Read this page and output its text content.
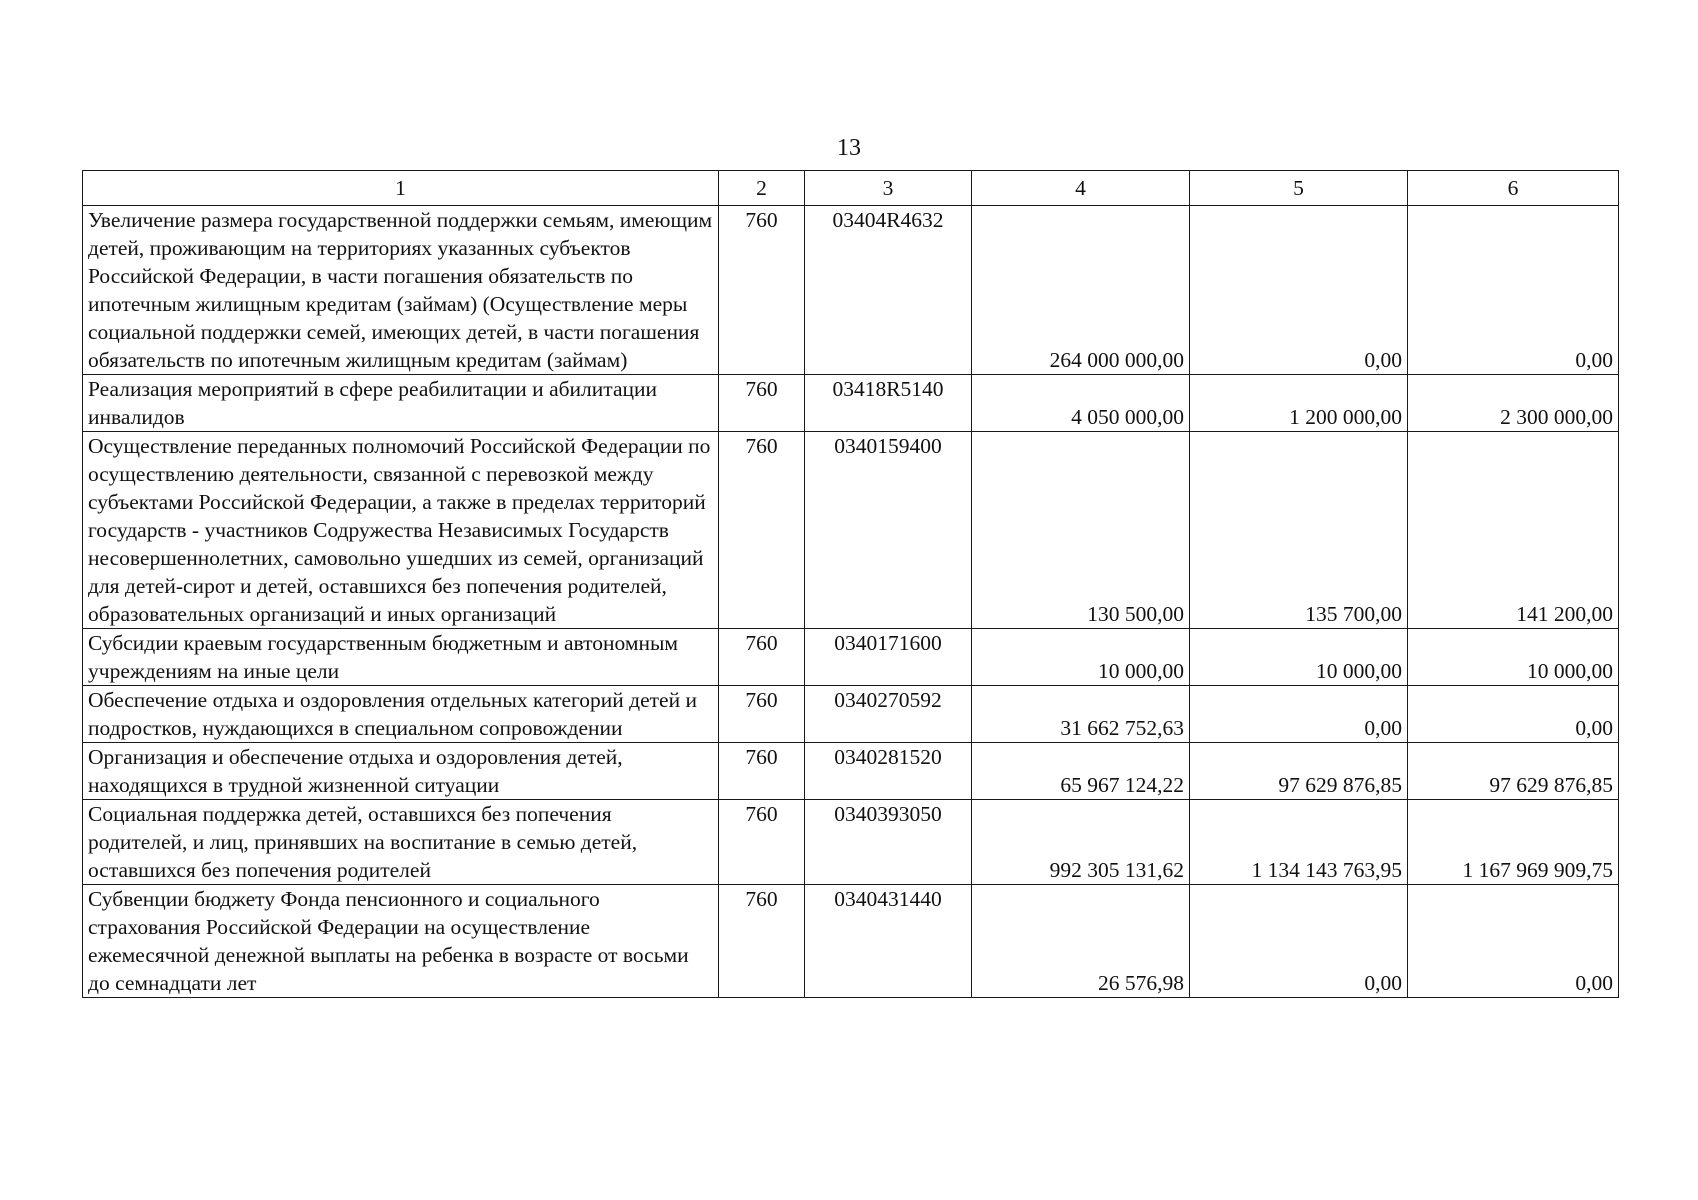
13
1	2	3	4	5	6
Увеличение размера государственной поддержки семьям, имеющим детей, проживающим на территориях указанных субъектов Российской Федерации, в части погашения обязательств по ипотечным жилищным кредитам (займам) (Осуществление меры социальной поддержки семей, имеющих детей, в части погашения обязательств по ипотечным жилищным кредитам (займам)	760	03404R4632	264 000 000,00	0,00	0,00
Реализация мероприятий в сфере реабилитации и абилитации инвалидов	760	03418R5140	4 050 000,00	1 200 000,00	2 300 000,00
Осуществление переданных полномочий Российской Федерации по осуществлению деятельности, связанной с перевозкой между субъектами Российской Федерации, а также в пределах территорий государств - участников Содружества Независимых Государств несовершеннолетних, самовольно ушедших из семей, организаций для детей-сирот и детей, оставшихся без попечения родителей, образовательных организаций и иных организаций	760	0340159400	130 500,00	135 700,00	141 200,00
Субсидии краевым государственным бюджетным и автономным учреждениям на иные цели	760	0340171600	10 000,00	10 000,00	10 000,00
Обеспечение отдыха и оздоровления отдельных категорий детей и подростков, нуждающихся в специальном сопровождении	760	0340270592	31 662 752,63	0,00	0,00
Организация и обеспечение отдыха и оздоровления детей, находящихся в трудной жизненной ситуации	760	0340281520	65 967 124,22	97 629 876,85	97 629 876,85
Социальная поддержка детей, оставшихся без попечения родителей, и лиц, принявших на воспитание в семью детей, оставшихся без попечения родителей	760	0340393050	992 305 131,62	1 134 143 763,95	1 167 969 909,75
Субвенции бюджету Фонда пенсионного и социального страхования Российской Федерации на осуществление ежемесячной денежной выплаты на ребенка в возрасте от восьми до семнадцати лет	760	0340431440	26 576,98	0,00	0,00
